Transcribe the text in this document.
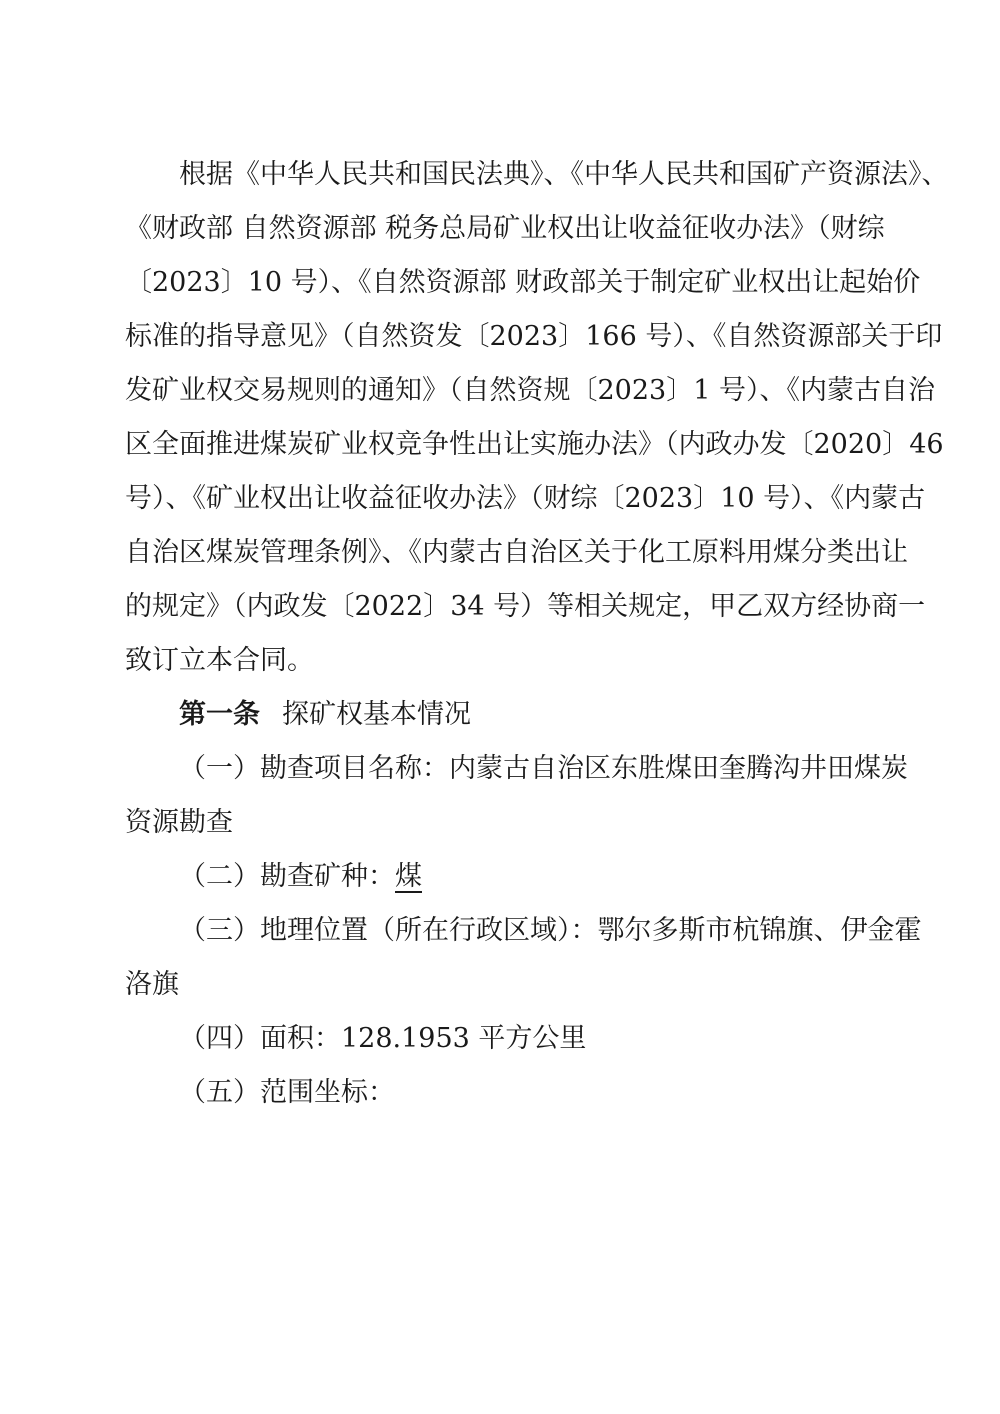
根据《中华人民共和国民法典》、《中华人民共和国矿产资源法》、
《财政部 自然资源部 税务总局矿业权出让收益征收办法》（财综
〔2023〕10 号）、《自然资源部 财政部关于制定矿业权出让起始价
标准的指导意见》（自然资发〔2023〕166 号）、《自然资源部关于印
发矿业权交易规则的通知》（自然资规〔2023〕1 号）、《内蒙古自治
区全面推进煤炭矿业权竞争性出让实施办法》（内政办发〔2020〕46
号）、《矿业权出让收益征收办法》（财综〔2023〕10 号）、《内蒙古
自治区煤炭管理条例》、《内蒙古自治区关于化工原料用煤分类出让
的规定》（内政发〔2022〕34 号）等相关规定，甲乙双方经协商一
致订立本合同。
第一条 探矿权基本情况
（一）勘查项目名称：内蒙古自治区东胜煤田奎腾沟井田煤炭
资源勘查
（二）勘查矿种：煤
（三）地理位置（所在行政区域）：鄂尔多斯市杭锦旗、伊金霍
洛旗
（四）面积：128.1953 平方公里
（五）范围坐标：
